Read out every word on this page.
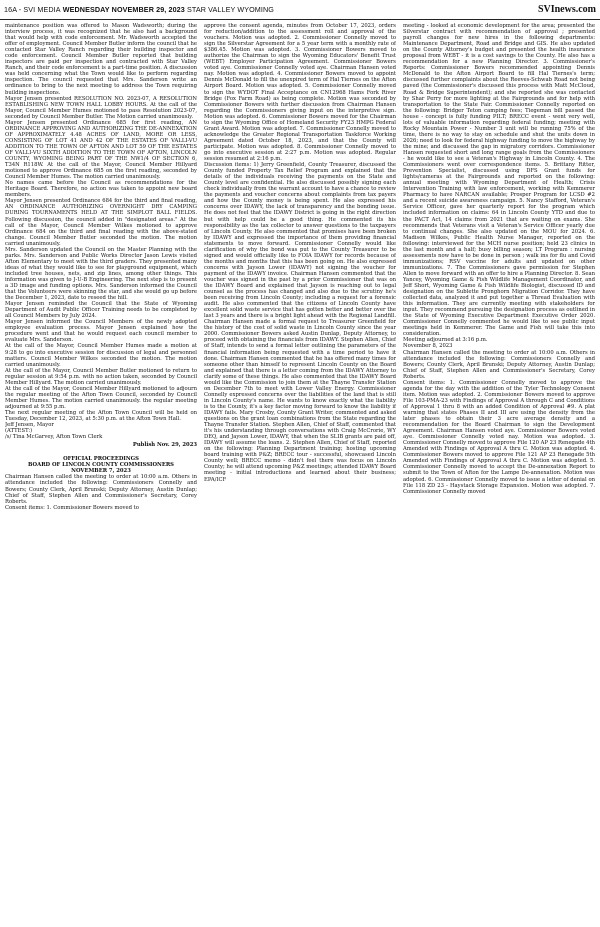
16A - SVI MEDIA WEDNESDAY NOVEMBER 29, 2023 STAR VALLEY WYOMING	SVInews.com

maintenance position was offered to Mason Wadsworth; during the interview process, it was recognized that he also had a background that would help with code enforcement. Mr. Wadsworth accepted the offer of employment. Council Member Butler inform the council that he contacted Star Valley Ranch regarding their building inspector and code enforcement. Council Member Butler reported that building inspectors are paid per inspection and contracted with Star Valley Ranch, and their code enforcement is a part-time position. A discussion was held concerning what the Town would like to perform regarding inspection. The council requested that Mrs. Sanderson write an ordinance to bring to the next meeting to address the Town requiring building inspections.

Mayor Jensen presented RESOLUTION NO. 2023-07, A RESOLUTION ESTABLISHING NEW TOWN HALL LOBBY HOURS. At the call of the Mayor, Council Member Humes motioned to pass Resolution 2023-07, seconded by Council Member Butler. The Motion carried unanimously.

Mayor Jensen presented Ordinance 685 for first reading, AN ORDINANCE APPROVING AND AUTHORIZING THE DE-ANNEXATION OF APPROXIMATELY 4.48 ACRES OF LAND, MORE OR LESS, CONSISTING OF LOT 41 AND 42 OF THE ESTATES OF VALLI-VU ADDITION TO THE TOWN OF AFTON AND LOT 59 OF THE ESTATES OF VALLI-VU SIXTH ADDITION TO THE TOWN OF AFTON, LINCOLN COUNTY, WYOMING BEING PART OF THE NW1/4 OF SECTION 6, T34N R118W. At the call of the Mayor, Council Member Hillyard motioned to approve Ordinance 685 on the first reading, seconded by Council Member Humes. The motion carried unanimously.

No names came before the Council as recommendations for the Heritage Board. Therefore, no action was taken to appoint new board members.

Mayor Jensen presented Ordinance 684 for the third and final reading, AN ORDINANCE AUTHORIZING OVERNIGHT DRY CAMPING DURING TOURNAMENTS HELD AT THE SIMPLOT BALL FIELDS. Following discussion, the council added in "designated areas." At the call of the Mayor, Council Member Wilkes motioned to approve Ordinance 684 on the third and final reading with the above-stated change. Council Member Butler seconded the motion. The motion carried unanimously.

Mrs. Sanderson updated the Council on the Master Planning with the parks. Mrs. Sanderson and Public Works Director Jason Lewis visited Afton Elementary to meet with the third graders. They presented many ideas of what they would like to see for playground equipment, which included tree houses, nets, and zip lines, among other things. This information was given to J-U-B Engineering. The next step is to present a 3D image and funding options. Mrs. Sanderson informed the Council that the Volunteers were skinning the star, and she would go up before the December 1, 2023, date to reseed the hill.

Mayor Jensen reminded the Council that the State of Wyoming Department of Audit Public Officer Training needs to be completed by all Council Members by July 2024.

Mayor Jensen informed the Council Members of the newly adopted employee evaluation process. Mayor Jensen explained how the procedure went and that he would request each council member to evaluate Mrs. Sanderson.

At the call of the Mayor, Council Member Humes made a motion at 9:28 to go into executive session for discussion of legal and personnel matters. Council Member Wilkes seconded the motion. The motion carried unanimously.

At the call of the Mayor, Council Member Butler motioned to return to regular session at 9:54 p.m. with no action taken, seconded by Council Member Hillyard. The motion carried unanimously.

At the call of the Mayor, Council Member Hillyard motioned to adjourn the regular meeting of the Afton Town Council, seconded by Council Member Humes. The motion carried unanimously. the regular meeting adjourned at 9:55 p.m.

The next regular meeting of the Afton Town Council will be held on Tuesday, December 12, 2023, at 5:30 p.m. at the Afton Town Hall.

Jeff Jensen, Mayor

(ATTEST:)

/s/ Tina McGarvey, Afton Town Clerk

Publish Nov. 29, 2023

OFFICIAL PROCEEDINGS
BOARD OF LINCOLN COUNTY COMMISSIONERS
NOVEMBER 7, 2023

Chairman Hansen called the meeting to order at 10:00 a.m. Others in attendance included the following: Commissioners Connelly and Bowers; County Clerk, April Brunski; Deputy Attorney, Austin Dunlap; Chief of Staff, Stephen Allen and Commissioner's Secretary, Corey Roberts.

Consent items: 1. Commissioner Bowers moved to

approve the consent agenda, minutes from October 17, 2023, orders for reduction/addition to the assessment roll and approval of the vouchers. Motion was adopted. 2. Commissioner Connelly moved to sign the Silverstar Agreement for a 5 year term with a monthly rate of $386.45. Motion was adopted. 3. Commissioner Bowers moved to authorize the Chairman to sign the Wyoming Educators' Benefit Trust (WEBT) Employer Participation Agreement. Commissioner Bowers voted aye. Commissioner Connelly voted aye. Chairman Hansen voted nay. Motion was adopted. 4. Commissioner Bowers moved to appoint Dennis McDonald to fill the unexpired term of Hal Tiernes on the Afton Airport Board. Motion was adopted. 5. Commissioner Connelly moved to sign the WYDOT Final Acceptance on CN12968 Hams Fork River Bridge (Fox Farm Road) as being complete. Motion was seconded by Commissioner Bowers with further discussion from Chairman Hansen regarding the Commissioners giving input on the interpretive sign. Motion was adopted. 6. Commissioner Bowers moved for the Chairman to sign the Wyoming Office of Homeland Security FY23 HMPG Federal Grant Award. Motion was adopted. 7. Commissioner Connelly moved to acknowledge the Greater Regional Transportation Taskforce Working Agreement dated October 18, 2023, and that the County will participate. Motion was adopted. 8. Commissioner Connelly moved to go into executive session at 2:27 p.m. Motion was adopted. Regular session resumed at 2:16 p.m.

Discussion items: 1) Jerry Greenfield, County Treasurer, discussed the County funded Property Tax Relief Program and explained that the details of the individuals receiving the payments on the State and County level are confidential. He also discussed possibly signing each check individually from the warrant account to have a chance to review the payments and voucher concerns about complaints from tax payers and how the County money is being spent. He also expressed his concerns over IDAWY, the lack of transparency and the bonding issue. He does not feel that the IDAWY District is going in the right direction but with help could be a good thing. He commented its his responsibility as the tax collector to answer questions to the taxpayers of Lincoln County. He also commented that promises have been broken by IDAWY and expressed the importance of them providing financial statements to move forward. Commissioner Connelly would like clarification of why the bond was put to the County Treasurer to be signed and would officially like to FOIA IDAWY for records because of the months and months that this has been going on. He also expressed concerns with Jayson Lower (IDAWY) not signing the voucher for payment of the IDAWY invoice. Chairman Hansen commented that the voucher was signed in the past by a prior Commissioner that was on the IDAWY Board and explained that Jayson is reaching out to legal counsel as the process has changed and also due to the scrutiny he's been receiving from Lincoln County; including a request for a forensic audit. He also commented that the citizens of Lincoln County have excellent solid waste service that has gotten better and better over the last 3 years and there is a bright light ahead with the Regional Landfill. Chairman Hansen made a formal request to Treasurer Greenfield for the history of the cost of solid waste in Lincoln County since the year 2000. Commissioner Bowers asked Austin Dunlap, Deputy Attorney, to proceed with obtaining the financials from IDAWY. Stephen Allen, Chief of Staff, intends to send a formal letter outlining the parameters of the financial information being requested with a time period to have it done. Chairman Hansen commented that he has offered many times for someone other than himself to represent Lincoln County on the Board and explained that there is a letter coming from the IDAWY Attorney to clarify some of these things. He also commented that the IDAWY Board would like the Commission to join them at the Thayne Transfer Station on December 7th to meet with Lower Valley Energy. Commissioner Connelly expressed concerns over the liabilities of the land that is still in Lincoln County's name. He wants to know exactly what the liability is to the County, it's a key factor moving forward to know the liability if IDAWY fails. Mary Crosby, County Grant Writer, commented and asked questions on the grant loan combinations from the State regarding the Thayne Transfer Station. Stephen Allen, Chief of Staff, commented that it's his understanding through conversations with Craig McCrorie, WY DEQ, and Jayson Lower, IDAWY, that when the SLIB grants are paid off, IDAWY will assume the loans. 2. Stephen Allen, Chief of Staff, reported on the following: Planning Department training; hosting upcoming board training with P&Z; BRECC tour - successful, showcased Lincoln County well; BRECC memo - didn't feel there was focus on Lincoln County; he will attend upcoming P&Z meetings; attended IDAWY Board meeting - initial introductions and learned about their business; EPA/ICF

meeting - looked at economic development for the area; presented the Silverstar contract with recommendation of approval ; presented payroll changes for new hires in the following departments: Maintenance Department, Road and Bridge and GIS. He also updated on the County Attorney's budget and presented the health insurance proposal from WEBT - it is a cost savings to the County. He also has a recommendation for a new Planning Director. 3. Commissioner's Reports: Commissioner Bowers recommended appointing Dennis McDonald to the Afton Airport Board to fill Hal Tiernes's term; discussed further complaints about the Reeves-Schwab Road not being paved (the Commissioner's discussed this process with Matt McCloud, Road & Bridge Superintendent); and she reported she was contacted by Shar Perry for more lighting at the Fairgrounds and for help with transportation to the State Fair. Commissioner Connelly reported on the following: Bridger Teton camping fees; Tiegeman bill passed the house - concept is fully funding PILT; BRECC event - went very well, lots of valuable information regarding federal funding; meeting with Rocky Mountain Power - Number 3 unit will be running 75% of the time, there is no way to stay on schedule and shut the units down in 2026; need to look for federal highway funding to move the highway by the mine; and discussed the gap in migratory corridors. Commissioner Hansen requested short and long range goals from the Commissioners - he would like to see a Veteran's Highway in Lincoln County. 4. The Commissioners went over correspondence items. 5. Brittany Ritter, Prevention Specialist, discussed using DFS Grant funds for lights/cameras at the Fairgrounds and reported on the following: annual meeting with Wyoming Department of Health; Crisis Intervention Training with law enforcement, working with Kemmerer Pharmacy to have NARCAN available; Prosper Program for LCSD #2 and a recent suicide awareness campaign. 5. Nancy Stafford, Veteran's Service Officer, gave her quarterly report for the program which included information on claims: 64 in Lincoln County YTD and due to the PACT Act, 14 claims from 2021 that are waiting on exams. She recommends that Veterans visit a Veteran's Service Officer yearly due to continual changes. She also updated on the MOU for 2024. 6. Madison Wilkes, Public Health Nurse Manager, reported on the following: interviewed for the MCH nurse position; held 23 clinics in the last month and a half; busy billing season; LT Program : nursing assessments now have to be done in person ; walk ins for flu and Covid immunizations; RSV vaccine for adults and updated on other immunizations. 7. The Commissioners gave permission for Stephen Allen to move forward with an offer to hire a Planning Director. 8. Sean Yancey, Wyoming Game & Fish Wildlife Management Coordinator, and Jeff Short, Wyoming Game & Fish Wildlife Biologist, discussed ID and designation on the Sublette Pronghorn Migration Corridor. They have collected data, analyzed it and put together a Thread Evaluation with this information. They are currently meeting with stakeholders for input. They recommend pursuing the designation process as outlined in the State of Wyoming Executive Department Executive Order 2020. Commissioner Connelly commented he would like to see public input meetings held in Kemmerer. The Game and Fish will take this into consideration.

Meeting adjourned at 3:16 p.m.

November 8, 2023

Chairman Hansen called the meeting to order at 10:00 a.m. Others in attendance included the following: Commissioners Connelly and Bowers; County Clerk, April Brunski; Deputy Attorney, Austin Dunlap; Chief of Staff, Stephen Allen and Commissioner's Secretary, Corey Roberts.

Consent items: 1. Commissioner Connelly moved to approve the agenda for the day with the addition of the Tyler Technology Consent item. Motion was adopted. 2. Commissioner Bowers moved to approve File 103-PMA-23 with Findings of Approval A through C and Conditions of Approval 1 thru 8 with an added Condition of Approval #9. A plat warning that states Phases II and III are using the density from the later phases to obtain their 3 acre average density and a recommendation for the Board Chairman to sign the Development Agreement. Chairman Hansen voted aye. Commissioner Bowers voted aye. Commissioner Connelly voted nay. Motion was adopted. 3. Commissioner Connelly moved to approve File 120 AP 23 Renegade 4th Amended with Findings of Approval A thru C. Motion was adopted. 4. Commissioner Bowers moved to approve File 121 AP 23 Renegade 5th Amended with Findings of Approval A thru C. Motion was adopted. 5. Commissioner Connelly moved to accept the De-annexation Report to submit to the Town of Afton for the Lampe De-annexation. Motion was adopted. 6. Commissioner Connelly moved to issue a letter of denial on File 118 ZD 23 - Haystack Storage Expansion. Motion was adopted. 7. Commissioner Connelly moved
